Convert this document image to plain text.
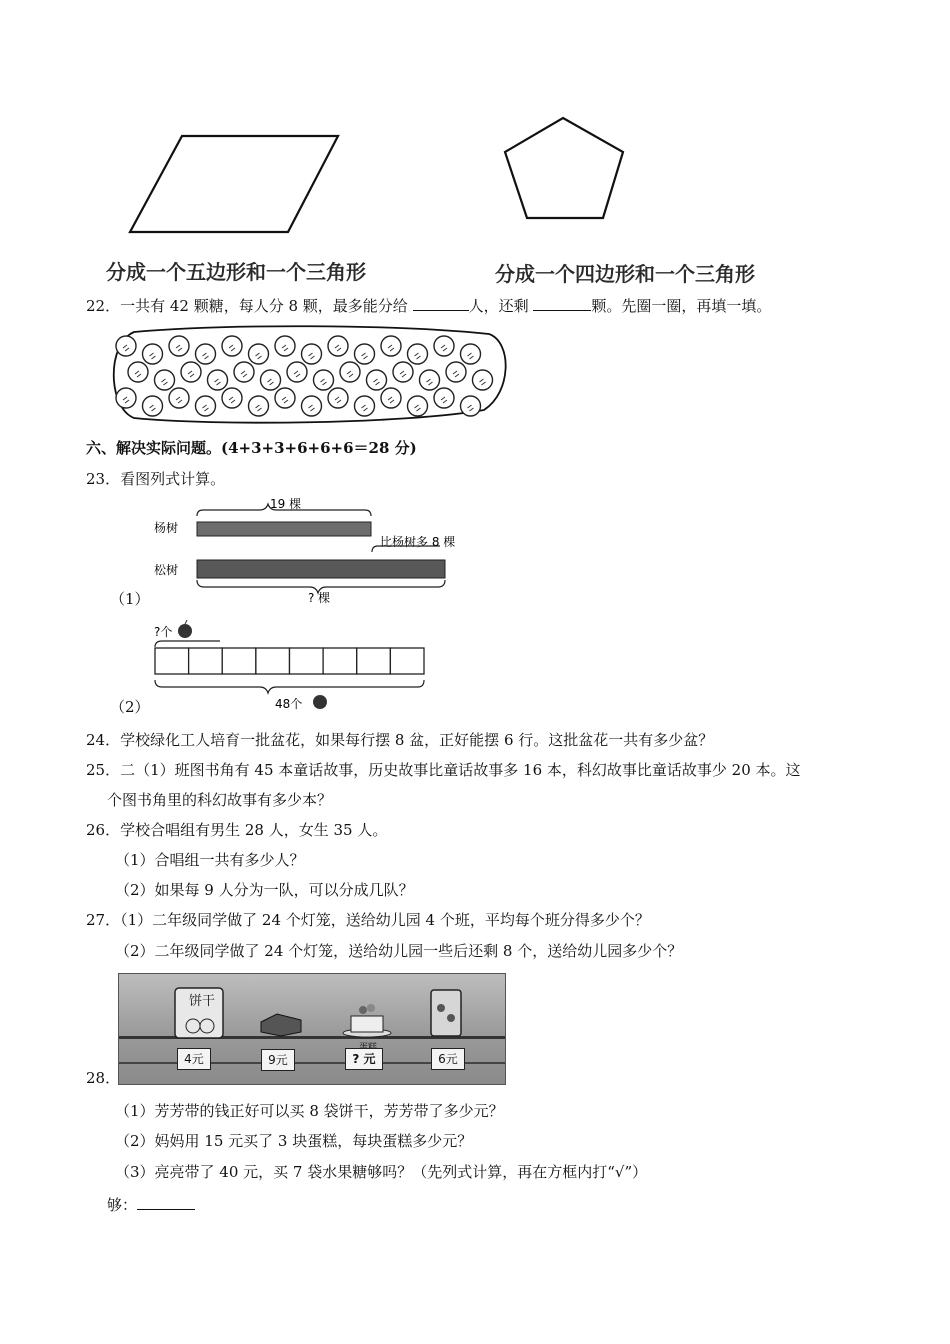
分成一个五边形和一个三角形	分成一个四边形和一个三角形
22．一共有 42 颗糖，每人分 8 颗，最多能分给	人，还剩	颗。先圈一圈，再填一填。
六、解决实际问题。(4+3+3+6+6+6＝28 分)
23．看图列式计算。
19 棵
杨树
比杨树多 8 棵
松树
? 棵
（1）
?个
48个
（2）
24．学校绿化工人培育一批盆花，如果每行摆 8 盆，正好能摆 6 行。这批盆花一共有多少盆？
25．二（1）班图书角有 45 本童话故事，历史故事比童话故事多 16 本，科幻故事比童话故事少 20 本。这
个图书角里的科幻故事有多少本？
26．学校合唱组有男生 28 人，女生 35 人。
（1）合唱组一共有多少人？
（2）如果每 9 人分为一队，可以分成几队？
27．（1）二年级同学做了 24 个灯笼，送给幼儿园 4 个班，平均每个班分得多少个？
（2）二年级同学做了 24 个灯笼，送给幼儿园一些后还剩 8 个，送给幼儿园多少个？
饼干
4元	9元	? 元	6元
28．
（1）芳芳带的钱正好可以买 8 袋饼干，芳芳带了多少元？
（2）妈妈用 15 元买了 3 块蛋糕，每块蛋糕多少元？
（3）亮亮带了 40 元，买 7 袋水果糖够吗？（先列式计算，再在方框内打“√”）
够：
